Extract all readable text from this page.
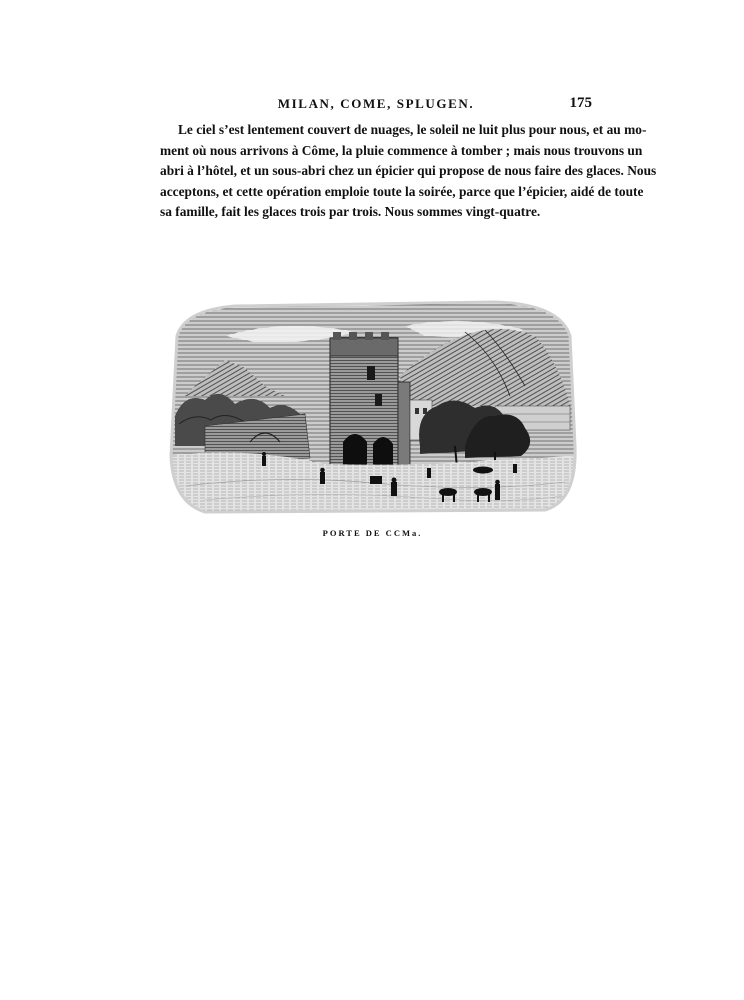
MILAN, COME, SPLUGEN.	175
Le ciel s’est lentement couvert de nuages, le soleil ne luit plus pour nous, et au mo-
ment où nous arrivons à Côme, la pluie commence à tomber ; mais nous trouvons un
abri à l’hôtel, et un sous-abri chez un épicier qui propose de nous faire des glaces. Nous
acceptons, et cette opération emploie toute la soirée, parce que l’épicier, aidé de toute
sa famille, fait les glaces trois par trois. Nous sommes vingt-quatre.
PORTE DE CCMa.
